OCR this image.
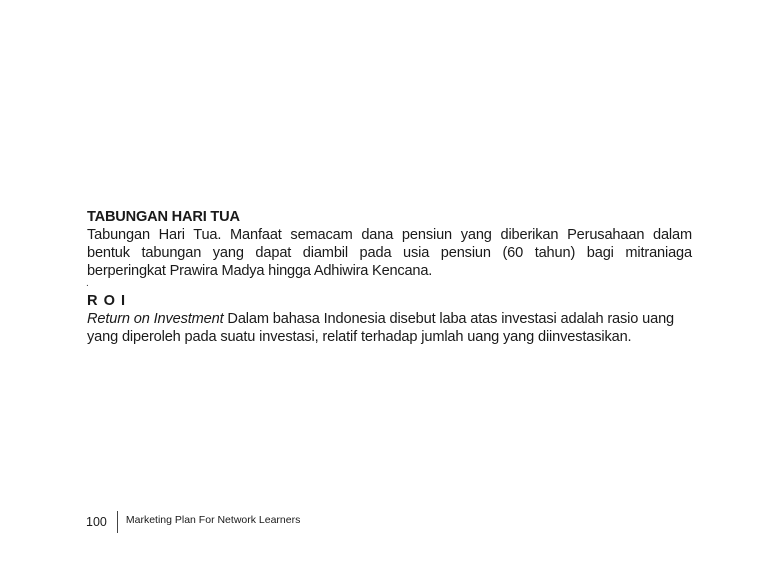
TABUNGAN HARI TUA

Tabungan Hari Tua. Manfaat semacam dana pensiun yang diberikan Perusahaan dalam

bentuk tabungan yang dapat diambil pada usia pensiun (60 tahun) bagi mitraniaga

berperingkat Prawira Madya hingga Adhiwira Kencana.

.

R O I

Return on Investment Dalam bahasa Indonesia disebut laba atas investasi adalah rasio uang

yang diperoleh pada suatu investasi, relatif terhadap jumlah uang yang diinvestasikan.

100	Marketing Plan For Network Learners
